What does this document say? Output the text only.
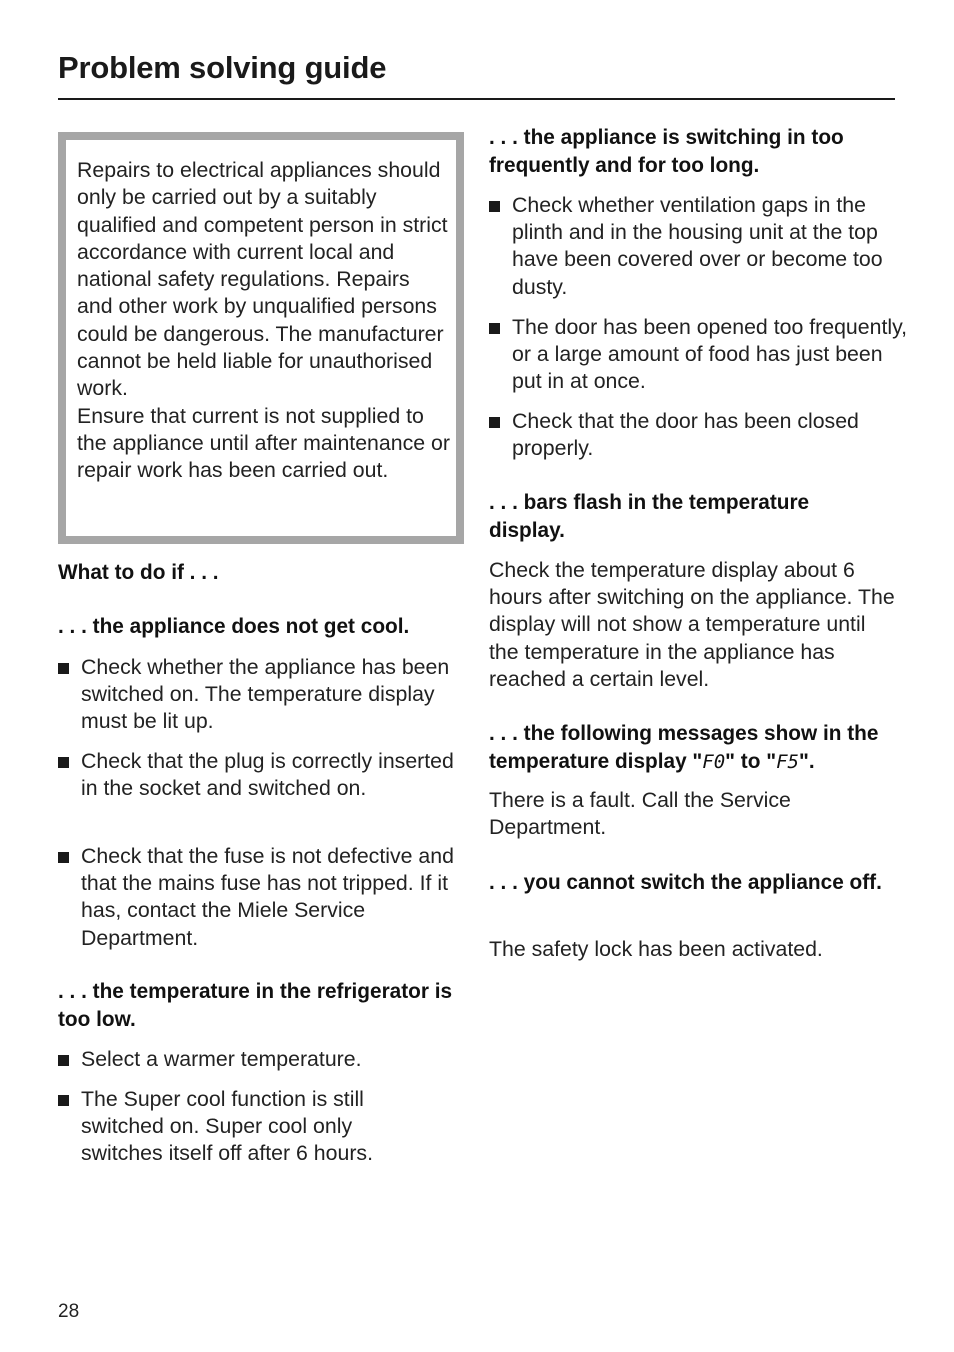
Problem solving guide

Repairs to electrical appliances should only be carried out by a suitably qualified and competent person in strict accordance with current local and national safety regulations. Repairs and other work by unqualified persons could be dangerous. The manufacturer cannot be held liable for unauthorised work.

Ensure that current is not supplied to the appliance until after maintenance or repair work has been carried out.

What to do if . . .

. . . the appliance does not get cool.

Check whether the appliance has been switched on. The temperature display must be lit up.

Check that the plug is correctly inserted in the socket and switched on.

Check that the fuse is not defective and that the mains fuse has not tripped. If it has, contact the Miele Service Department.

. . . the temperature in the refrigerator is too low.

Select a warmer temperature.

The Super cool function is still switched on. Super cool only switches itself off after 6 hours.

. . . the appliance is switching in too frequently and for too long.

Check whether ventilation gaps in the plinth and in the housing unit at the top have been covered over or become too dusty.

The door has been opened too frequently, or a large amount of food has just been put in at once.

Check that the door has been closed properly.

. . . bars flash in the temperature display.

Check the temperature display about 6 hours after switching on the appliance. The display will not show a temperature until the temperature in the appliance has reached a certain level.

. . . the following messages show in the temperature display "F0" to "F5".

There is a fault. Call the Service Department.

. . . you cannot switch the appliance off.

The safety lock has been activated.

28
